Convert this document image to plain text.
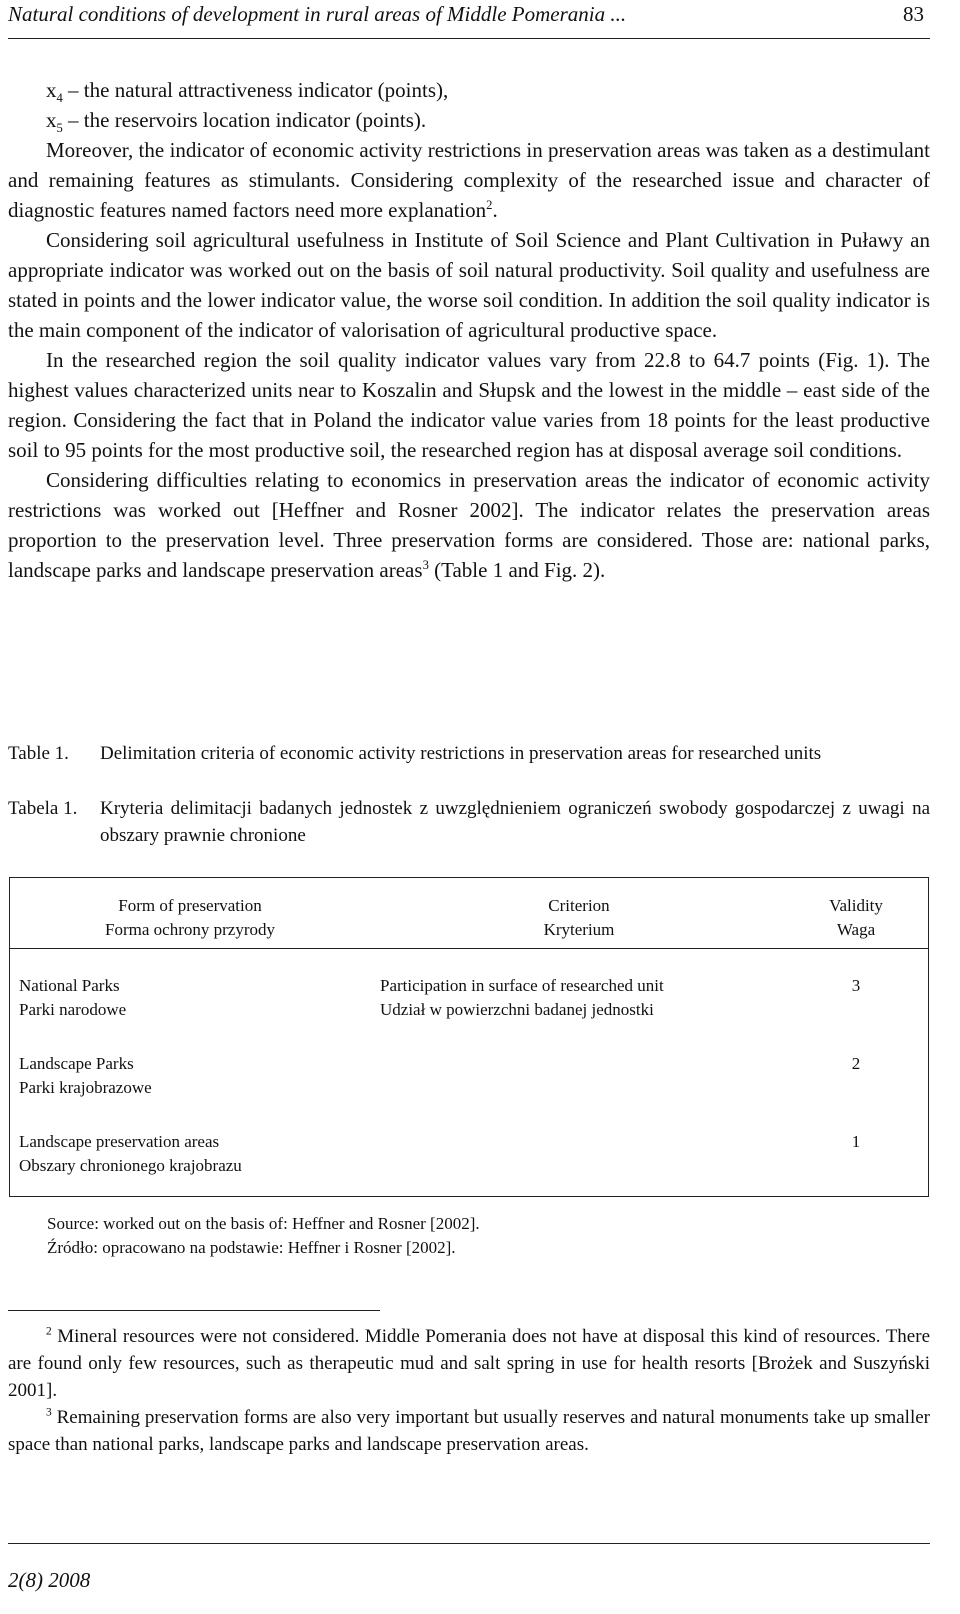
Natural conditions of development in rural areas of Middle Pomerania ...	83

$x_4$ – the natural attractiveness indicator (points),

$x_5$ – the reservoirs location indicator (points).

Moreover, the indicator of economic activity restrictions in preservation areas was taken as a destimulant and remaining features as stimulants. Considering complexity of the researched issue and character of diagnostic features named factors need more explanation$^2$.

Considering soil agricultural usefulness in Institute of Soil Science and Plant Cultivation in Puławy an appropriate indicator was worked out on the basis of soil natural productivity. Soil quality and usefulness are stated in points and the lower indicator value, the worse soil condition. In addition the soil quality indicator is the main component of the indicator of valorisation of agricultural productive space.

In the researched region the soil quality indicator values vary from 22.8 to 64.7 points (Fig. 1). The highest values characterized units near to Koszalin and Słupsk and the lowest in the middle – east side of the region. Considering the fact that in Poland the indicator value varies from 18 points for the least productive soil to 95 points for the most productive soil, the researched region has at disposal average soil conditions.

Considering difficulties relating to economics in preservation areas the indicator of economic activity restrictions was worked out [Heffner and Rosner 2002]. The indicator relates the preservation areas proportion to the preservation level. Three preservation forms are considered. Those are: national parks, landscape parks and landscape preservation areas$^3$ (Table 1 and Fig. 2).

Table 1. Delimitation criteria of economic activity restrictions in preservation areas for researched units
Tabela 1. Kryteria delimitacji badanych jednostek z uwzględnieniem ograniczeń swobody gospodarczej z uwagi na obszary prawnie chronione
Form of preservation
Forma ochrony przyrody
Criterion
Kryterium
Validity
Waga
National Parks
Parki narodowe
Participation in surface of researched unit
Udział w powierzchni badanej jednostki
3
Landscape Parks
Parki krajobrazowe
2
Landscape preservation areas
Obszary chronionego krajobrazu
1
Source: worked out on the basis of: Heffner and Rosner [2002].
Źródło: opracowano na podstawie: Heffner i Rosner [2002].

$^2$ Mineral resources were not considered. Middle Pomerania does not have at disposal this kind of resources. There are found only few resources, such as therapeutic mud and salt spring in use for health resorts [Brożek and Suszyński 2001].

$^3$ Remaining preservation forms are also very important but usually reserves and natural monuments take up smaller space than national parks, landscape parks and landscape preservation areas.

2(8) 2008
